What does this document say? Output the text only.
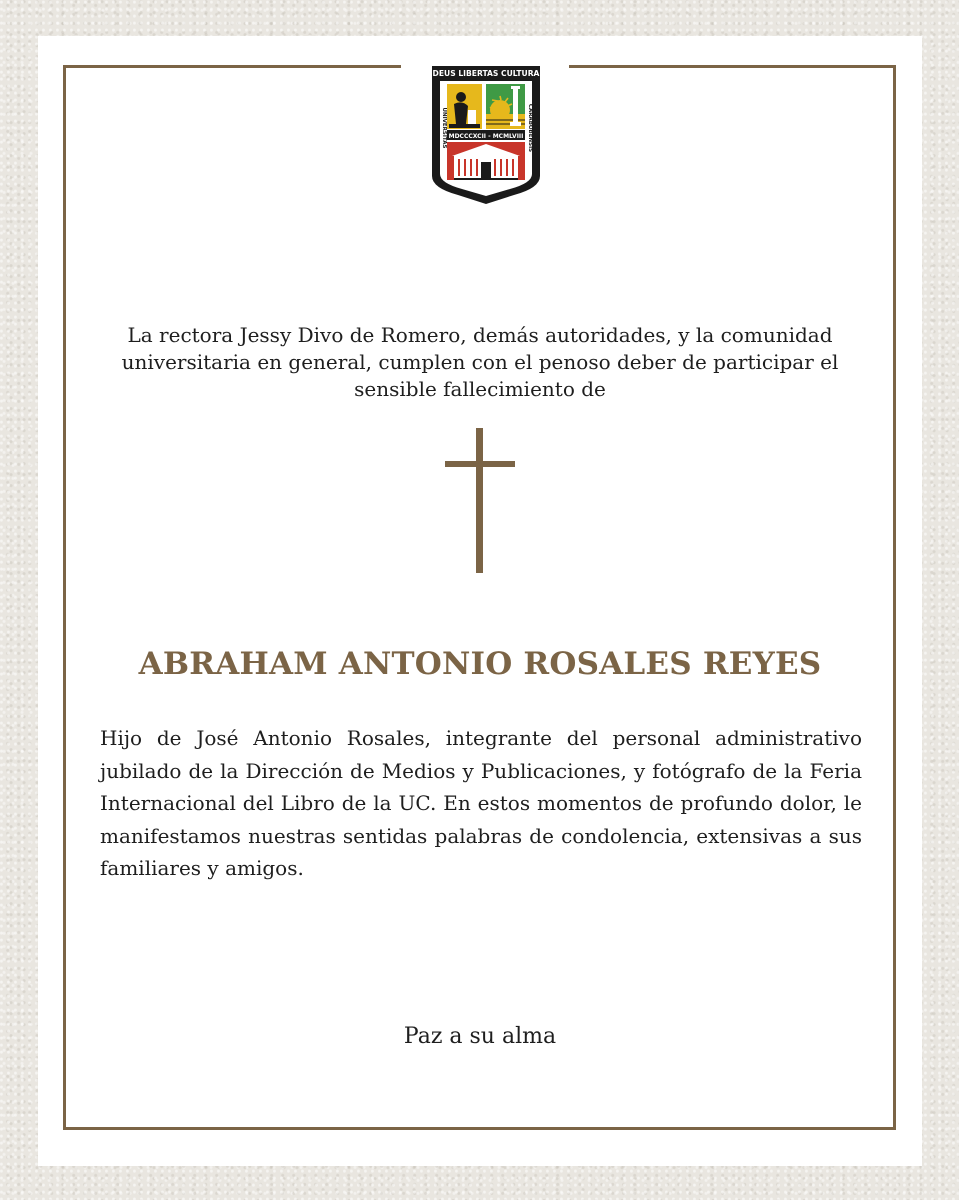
DEUS LIBERTAS CULTURA
MDCCCXCII - MCMLVIII
UNIVERSITAS	CARABOBENSIS

La rectora Jessy Divo de Romero, demás autoridades, y la comunidad universitaria en general, cumplen con el penoso deber de participar el sensible fallecimiento de

ABRAHAM ANTONIO ROSALES REYES

Hijo de José Antonio Rosales, integrante del personal administrativo jubilado de la Dirección de Medios y Publicaciones, y fotógrafo de la Feria Internacional del Libro de la UC. En estos momentos de profundo dolor, le manifestamos nuestras sentidas palabras de condolencia, extensivas a sus familiares y amigos.

Paz a su alma
